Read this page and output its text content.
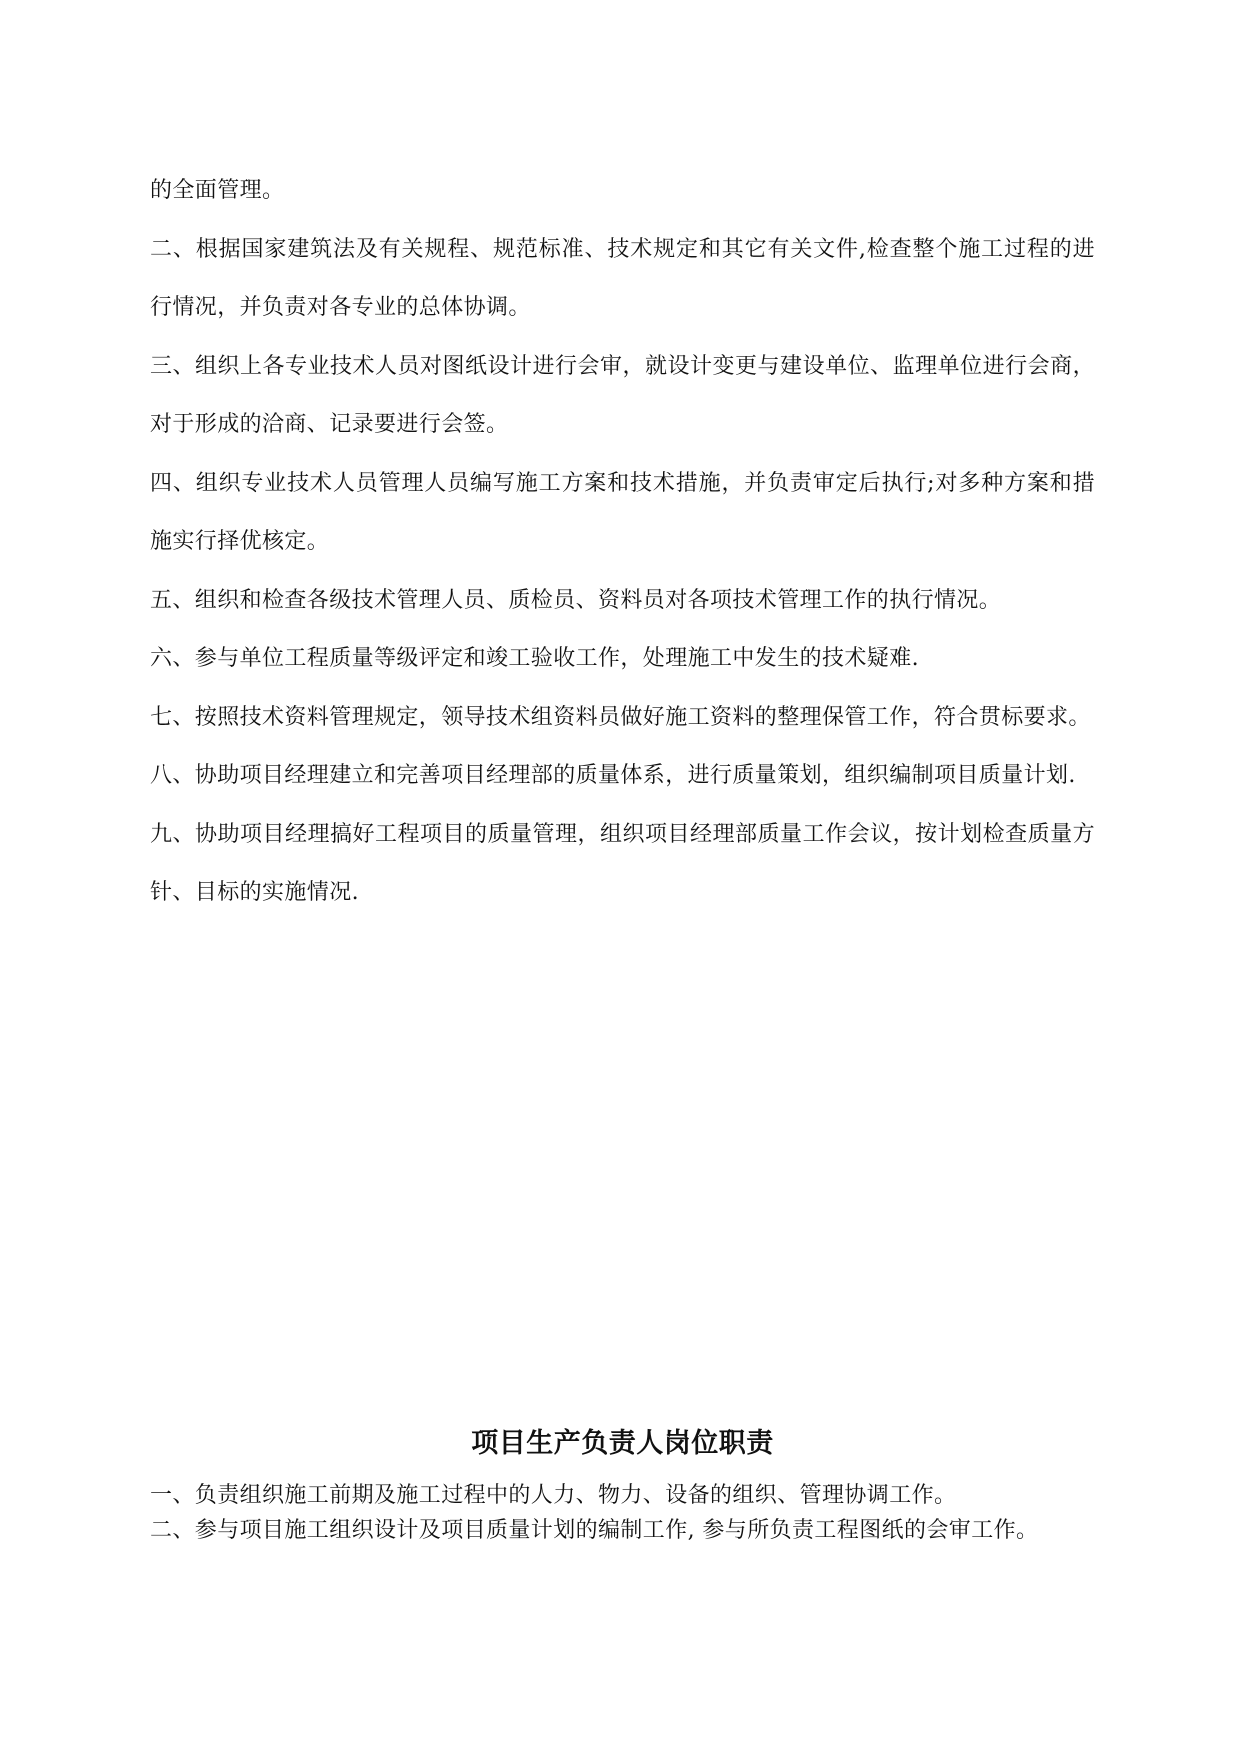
的全面管理。

二、根据国家建筑法及有关规程、规范标准、技术规定和其它有关文件,检查整个施工过程的进行情况，并负责对各专业的总体协调。

三、组织上各专业技术人员对图纸设计进行会审，就设计变更与建设单位、监理单位进行会商，对于形成的洽商、记录要进行会签。

四、组织专业技术人员管理人员编写施工方案和技术措施，并负责审定后执行;对多种方案和措施实行择优核定。

五、组织和检查各级技术管理人员、质检员、资料员对各项技术管理工作的执行情况。

六、参与单位工程质量等级评定和竣工验收工作，处理施工中发生的技术疑难.

七、按照技术资料管理规定，领导技术组资料员做好施工资料的整理保管工作，符合贯标要求。

八、协助项目经理建立和完善项目经理部的质量体系，进行质量策划，组织编制项目质量计划.

九、协助项目经理搞好工程项目的质量管理，组织项目经理部质量工作会议，按计划检查质量方针、目标的实施情况.

项目生产负责人岗位职责

一、负责组织施工前期及施工过程中的人力、物力、设备的组织、管理协调工作。

二、参与项目施工组织设计及项目质量计划的编制工作, 参与所负责工程图纸的会审工作。
